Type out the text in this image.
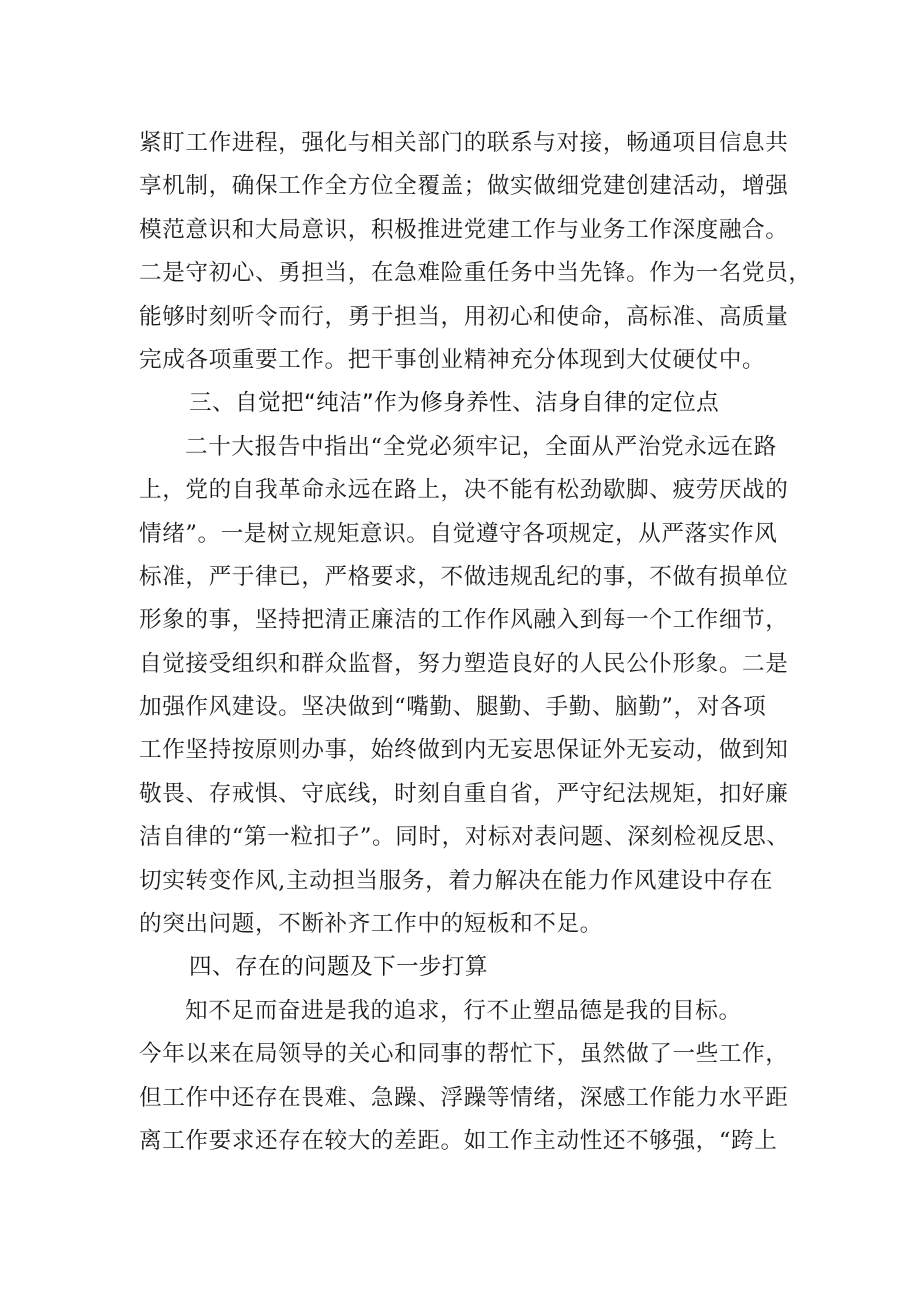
紧盯工作进程，强化与相关部门的联系与对接，畅通项目信息共
享机制，确保工作全方位全覆盖；做实做细党建创建活动，增强
模范意识和大局意识，积极推进党建工作与业务工作深度融合。
二是守初心、勇担当，在急难险重任务中当先锋。作为一名党员，
能够时刻听令而行，勇于担当，用初心和使命，高标准、高质量
完成各项重要工作。把干事创业精神充分体现到大仗硬仗中。
三、自觉把“纯洁”作为修身养性、洁身自律的定位点
二十大报告中指出“全党必须牢记，全面从严治党永远在路
上，党的自我革命永远在路上，决不能有松劲歇脚、疲劳厌战的
情绪”。一是树立规矩意识。自觉遵守各项规定，从严落实作风
标准，严于律已，严格要求，不做违规乱纪的事，不做有损单位
形象的事，坚持把清正廉洁的工作作风融入到每一个工作细节，
自觉接受组织和群众监督，努力塑造良好的人民公仆形象。二是
加强作风建设。坚决做到“嘴勤、腿勤、手勤、脑勤”，对各项
工作坚持按原则办事，始终做到内无妄思保证外无妄动，做到知
敬畏、存戒惧、守底线，时刻自重自省，严守纪法规矩，扣好廉
洁自律的“第一粒扣子”。同时，对标对表问题、深刻检视反思、
切实转变作风,主动担当服务，着力解决在能力作风建设中存在
的突出问题，不断补齐工作中的短板和不足。
四、存在的问题及下一步打算
知不足而奋进是我的追求，行不止塑品德是我的目标。
今年以来在局领导的关心和同事的帮忙下，虽然做了一些工作，
但工作中还存在畏难、急躁、浮躁等情绪，深感工作能力水平距
离工作要求还存在较大的差距。如工作主动性还不够强，“跨上
